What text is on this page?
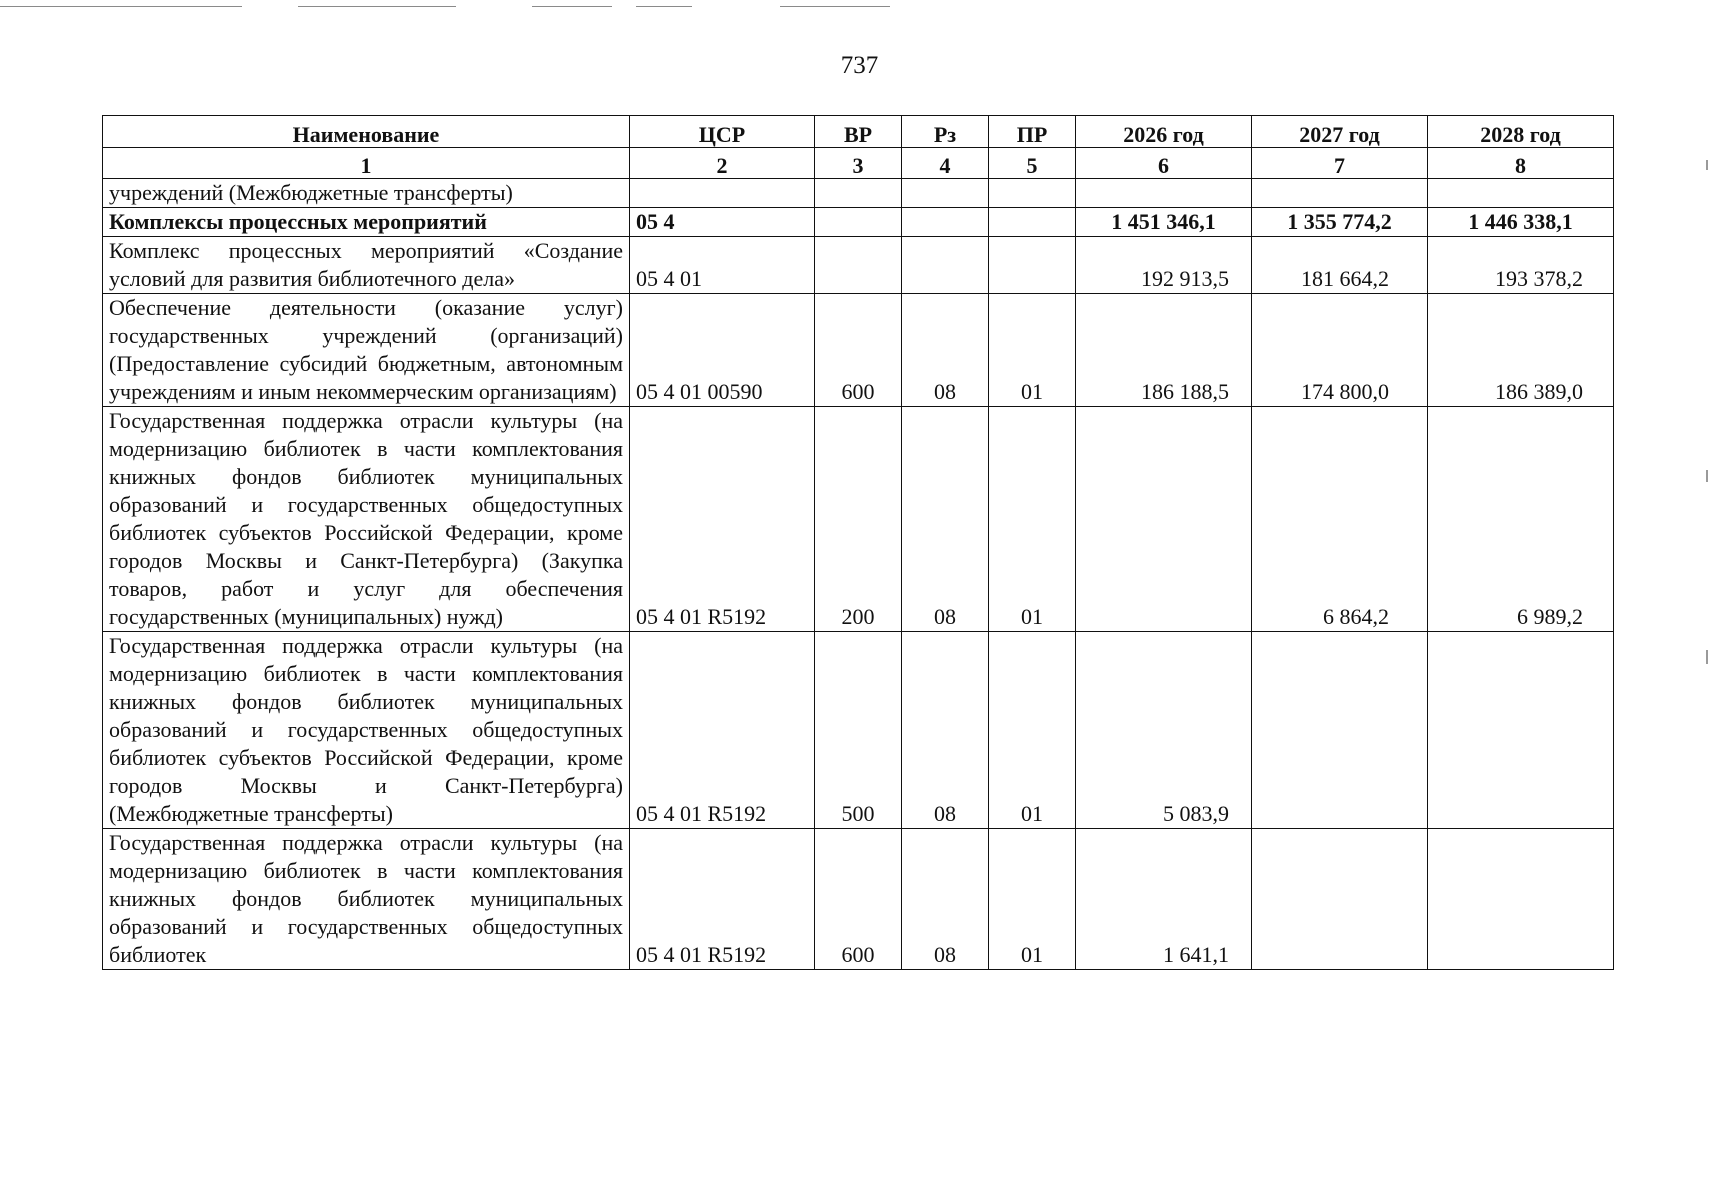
737
Наименование	ЦСР	ВР	Рз	ПР	2026 год	2027 год	2028 год
1	2	3	4	5	6	7	8
учреждений (Межбюджетные трансферты)							
Комплексы процессных мероприятий	05 4				1 451 346,1	1 355 774,2	1 446 338,1
Комплекс процессных мероприятий «Создание условий для развития библиотечного дела»	05 4 01				192 913,5	181 664,2	193 378,2
Обеспечение деятельности (оказание услуг) государственных учреждений (организаций) (Предоставление субсидий бюджетным, автономным учреждениям и иным некоммерческим организациям)	05 4 01 00590	600	08	01	186 188,5	174 800,0	186 389,0
Государственная поддержка отрасли культуры (на модернизацию библиотек в части комплектования книжных фондов библиотек муниципальных образований и государственных общедоступных библиотек субъектов Российской Федерации, кроме городов Москвы и Санкт-Петербурга) (Закупка товаров, работ и услуг для обеспечения государственных (муниципальных) нужд)	05 4 01 R5192	200	08	01		6 864,2	6 989,2
Государственная поддержка отрасли культуры (на модернизацию библиотек в части комплектования книжных фондов библиотек муниципальных образований и государственных общедоступных библиотек субъектов Российской Федерации, кроме городов Москвы и Санкт-Петербурга) (Межбюджетные трансферты)	05 4 01 R5192	500	08	01	5 083,9		
Государственная поддержка отрасли культуры (на модернизацию библиотек в части комплектования книжных фондов библиотек муниципальных образований и государственных общедоступных библиотек	05 4 01 R5192	600	08	01	1 641,1		
